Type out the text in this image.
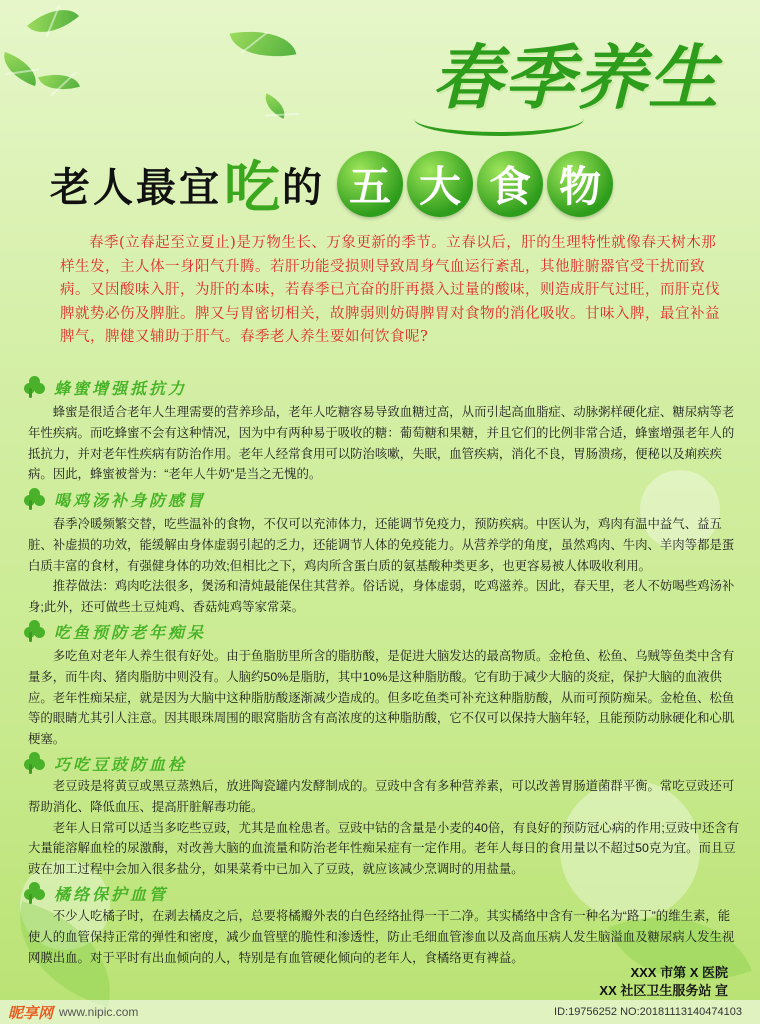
春季养生
老人最宜 吃 的 五 大 食 物
春季(立春起至立夏止)是万物生长、万象更新的季节。立春以后，肝的生理特性就像春天树木那样生发，主人体一身阳气升腾。若肝功能受损则导致周身气血运行紊乱，其他脏腑器官受干扰而致病。又因酸味入肝，为肝的本味，若春季已亢奋的肝再摄入过量的酸味，则造成肝气过旺，而肝克伐脾就势必伤及脾脏。脾又与胃密切相关，故脾弱则妨碍脾胃对食物的消化吸收。甘味入脾，最宜补益脾气，脾健又辅助于肝气。春季老人养生要如何饮食呢?
蜂蜜增强抵抗力

蜂蜜是很适合老年人生理需要的营养珍品，老年人吃糖容易导致血糖过高，从而引起高血脂症、动脉粥样硬化症、糖尿病等老年性疾病。而吃蜂蜜不会有这种情况，因为中有两种易于吸收的糖：葡萄糖和果糖，并且它们的比例非常合适，蜂蜜增强老年人的抵抗力，并对老年性疾病有防治作用。老年人经常食用可以防治咳嗽，失眠，血管疾病，消化不良，胃肠溃疡，便秘以及痢疾疾病。因此，蜂蜜被誉为：“老年人牛奶”是当之无愧的。

喝鸡汤补身防感冒

春季冷暖频繁交替，吃些温补的食物，不仅可以充沛体力，还能调节免疫力，预防疾病。中医认为，鸡肉有温中益气、益五脏、补虚损的功效，能缓解由身体虚弱引起的乏力，还能调节人体的免疫能力。从营养学的角度，虽然鸡肉、牛肉、羊肉等都是蛋白质丰富的食材，有强健身体的功效;但相比之下，鸡肉所含蛋白质的氨基酸种类更多，也更容易被人体吸收利用。

推荐做法：鸡肉吃法很多，煲汤和清炖最能保住其营养。俗话说，身体虚弱，吃鸡滋养。因此，春天里，老人不妨喝些鸡汤补身;此外，还可做些土豆炖鸡、香菇炖鸡等家常菜。

吃鱼预防老年痴呆

多吃鱼对老年人养生很有好处。由于鱼脂肪里所含的脂肪酸，是促进大脑发达的最高物质。金枪鱼、松鱼、乌贼等鱼类中含有量多，而牛肉、猪肉脂肪中则没有。人脑约50%是脂肪，其中10%是这种脂肪酸。它有助于减少大脑的炎症，保护大脑的血液供应。老年性痴呆症，就是因为大脑中这种脂肪酸逐渐减少造成的。但多吃鱼类可补充这种脂肪酸，从而可预防痴呆。金枪鱼、松鱼等的眼睛尤其引人注意。因其眼珠周围的眼窝脂肪含有高浓度的这种脂肪酸，它不仅可以保持大脑年轻，且能预防动脉硬化和心肌梗塞。

巧吃豆豉防血栓

老豆豉是将黄豆或黑豆蒸熟后，放进陶瓷罐内发酵制成的。豆豉中含有多种营养素，可以改善胃肠道菌群平衡。常吃豆豉还可帮助消化、降低血压、提高肝脏解毒功能。

老年人日常可以适当多吃些豆豉，尤其是血栓患者。豆豉中钴的含量是小麦的40倍，有良好的预防冠心病的作用;豆豉中还含有大量能溶解血栓的尿激酶，对改善大脑的血流量和防治老年性痴呆症有一定作用。老年人每日的食用量以不超过50克为宜。而且豆豉在加工过程中会加入很多盐分，如果菜肴中已加入了豆豉，就应该减少烹调时的用盐量。

橘络保护血管

不少人吃橘子时，在剥去橘皮之后，总要将橘瓣外表的白色经络扯得一干二净。其实橘络中含有一种名为“路丁”的维生素，能使人的血管保持正常的弹性和密度，减少血管壁的脆性和渗透性，防止毛细血管渗血以及高血压病人发生脑溢血及糖尿病人发生视网膜出血。对于平时有出血倾向的人，特别是有血管硬化倾向的老年人，食橘络更有裨益。

XXX 市第 X 医院
XX 社区卫生服务站 宣
昵享网 www.nipic.com	ID:19756252 NO:20181113140474103
